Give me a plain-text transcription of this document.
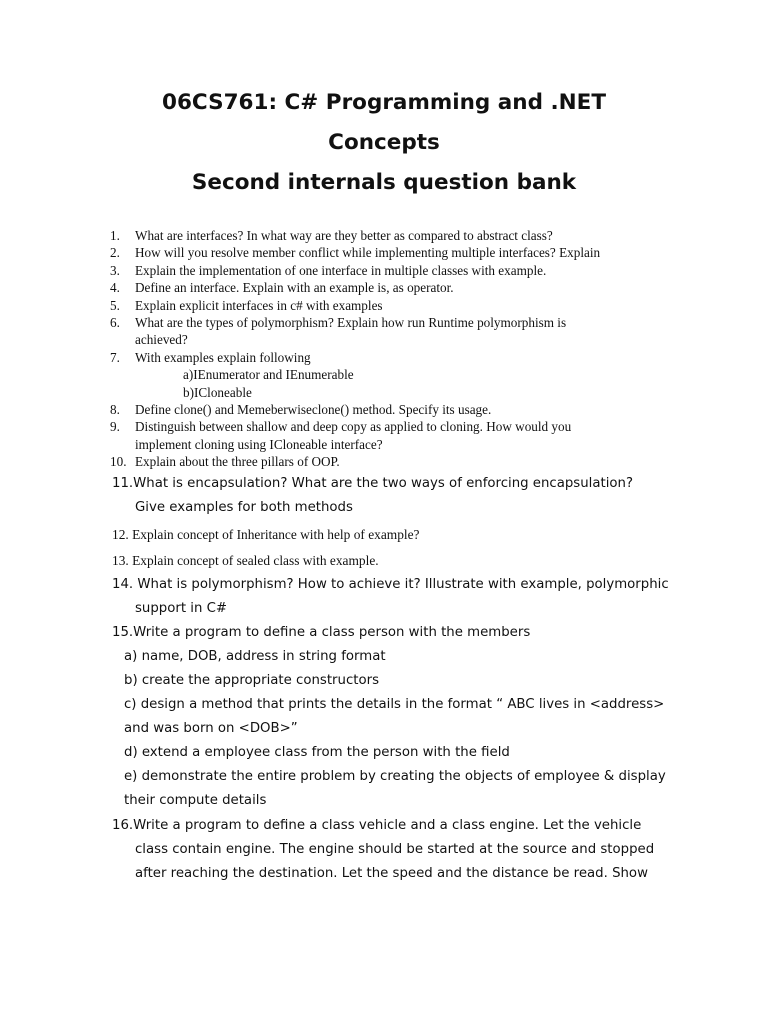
06CS761: C# Programming and .NET
Concepts
Second internals question bank
1. What are interfaces? In what way are they better as compared to abstract class?
2. How will you resolve member conflict while implementing multiple interfaces? Explain
3. Explain the implementation of one interface in multiple classes with example.
4. Define an interface. Explain with an example is, as operator.
5. Explain explicit interfaces in c# with examples
6. What are the types of polymorphism? Explain how run Runtime polymorphism is
achieved?
7. With examples explain following
a)IEnumerator and IEnumerable
b)ICloneable
8. Define clone() and Memeberwiseclone() method. Specify its usage.
9. Distinguish between shallow and deep copy as applied to cloning. How would you
implement cloning using ICloneable interface?
10. Explain about the three pillars of OOP.
11.What is encapsulation? What are the two ways of enforcing encapsulation?
Give examples for both methods
12. Explain concept of Inheritance with help of example?
13. Explain concept of sealed class with example.
14. What is polymorphism? How to achieve it? Illustrate with example, polymorphic
support in C#
15.Write a program to define a class person with the members
a) name, DOB, address in string format
b) create the appropriate constructors
c) design a method that prints the details in the format “ ABC lives in <address>
and was born on <DOB>”
d) extend a employee class from the person with the field
e) demonstrate the entire problem by creating the objects of employee & display
their compute details
16.Write a program to define a class vehicle and a class engine. Let the vehicle
class contain engine. The engine should be started at the source and stopped
after reaching the destination. Let the speed and the distance be read. Show
